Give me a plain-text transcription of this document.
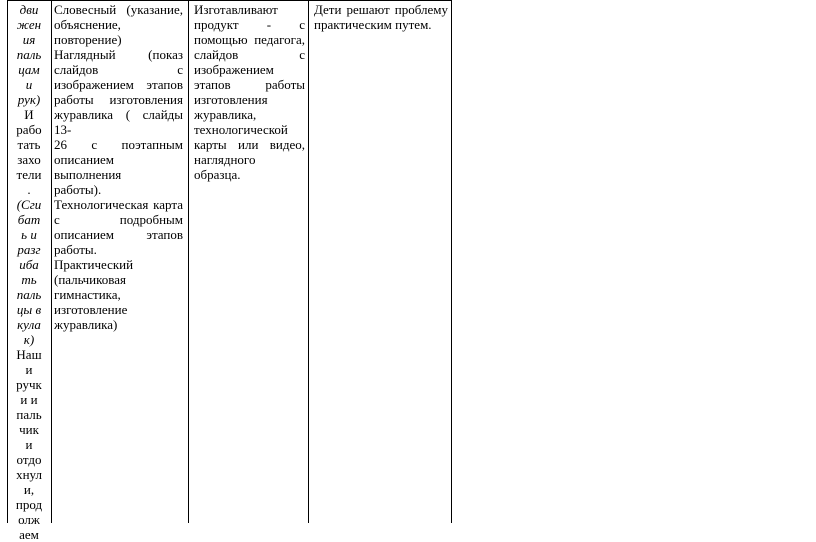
дви
жен
ия
паль
цам
и
рук)
И
рабо
тать
захо
тели
.
(Сги
бат
ь и
разг
иба
ть
паль
цы в
кула
к)
Наш
и
ручк
и и
паль
чик
и
отдо
хнул
и,
прод
олж
аем
Словесный (указание,
объяснение,
повторение)
Наглядный (показ
слайдов с
изображением этапов
работы изготовления
журавлика ( слайды 13-
26 с поэтапным
описанием выполнения
работы).
Технологическая карта
с подробным
описанием этапов
работы.
Практический
(пальчиковая
гимнастика,
изготовление
журавлика)
Изготавливают
продукт - с
помощью педагога,
слайдов с
изображением
этапов работы
изготовления
журавлика,
технологической
карты или видео,
наглядного образца.
Дети решают проблему
практическим путем.
